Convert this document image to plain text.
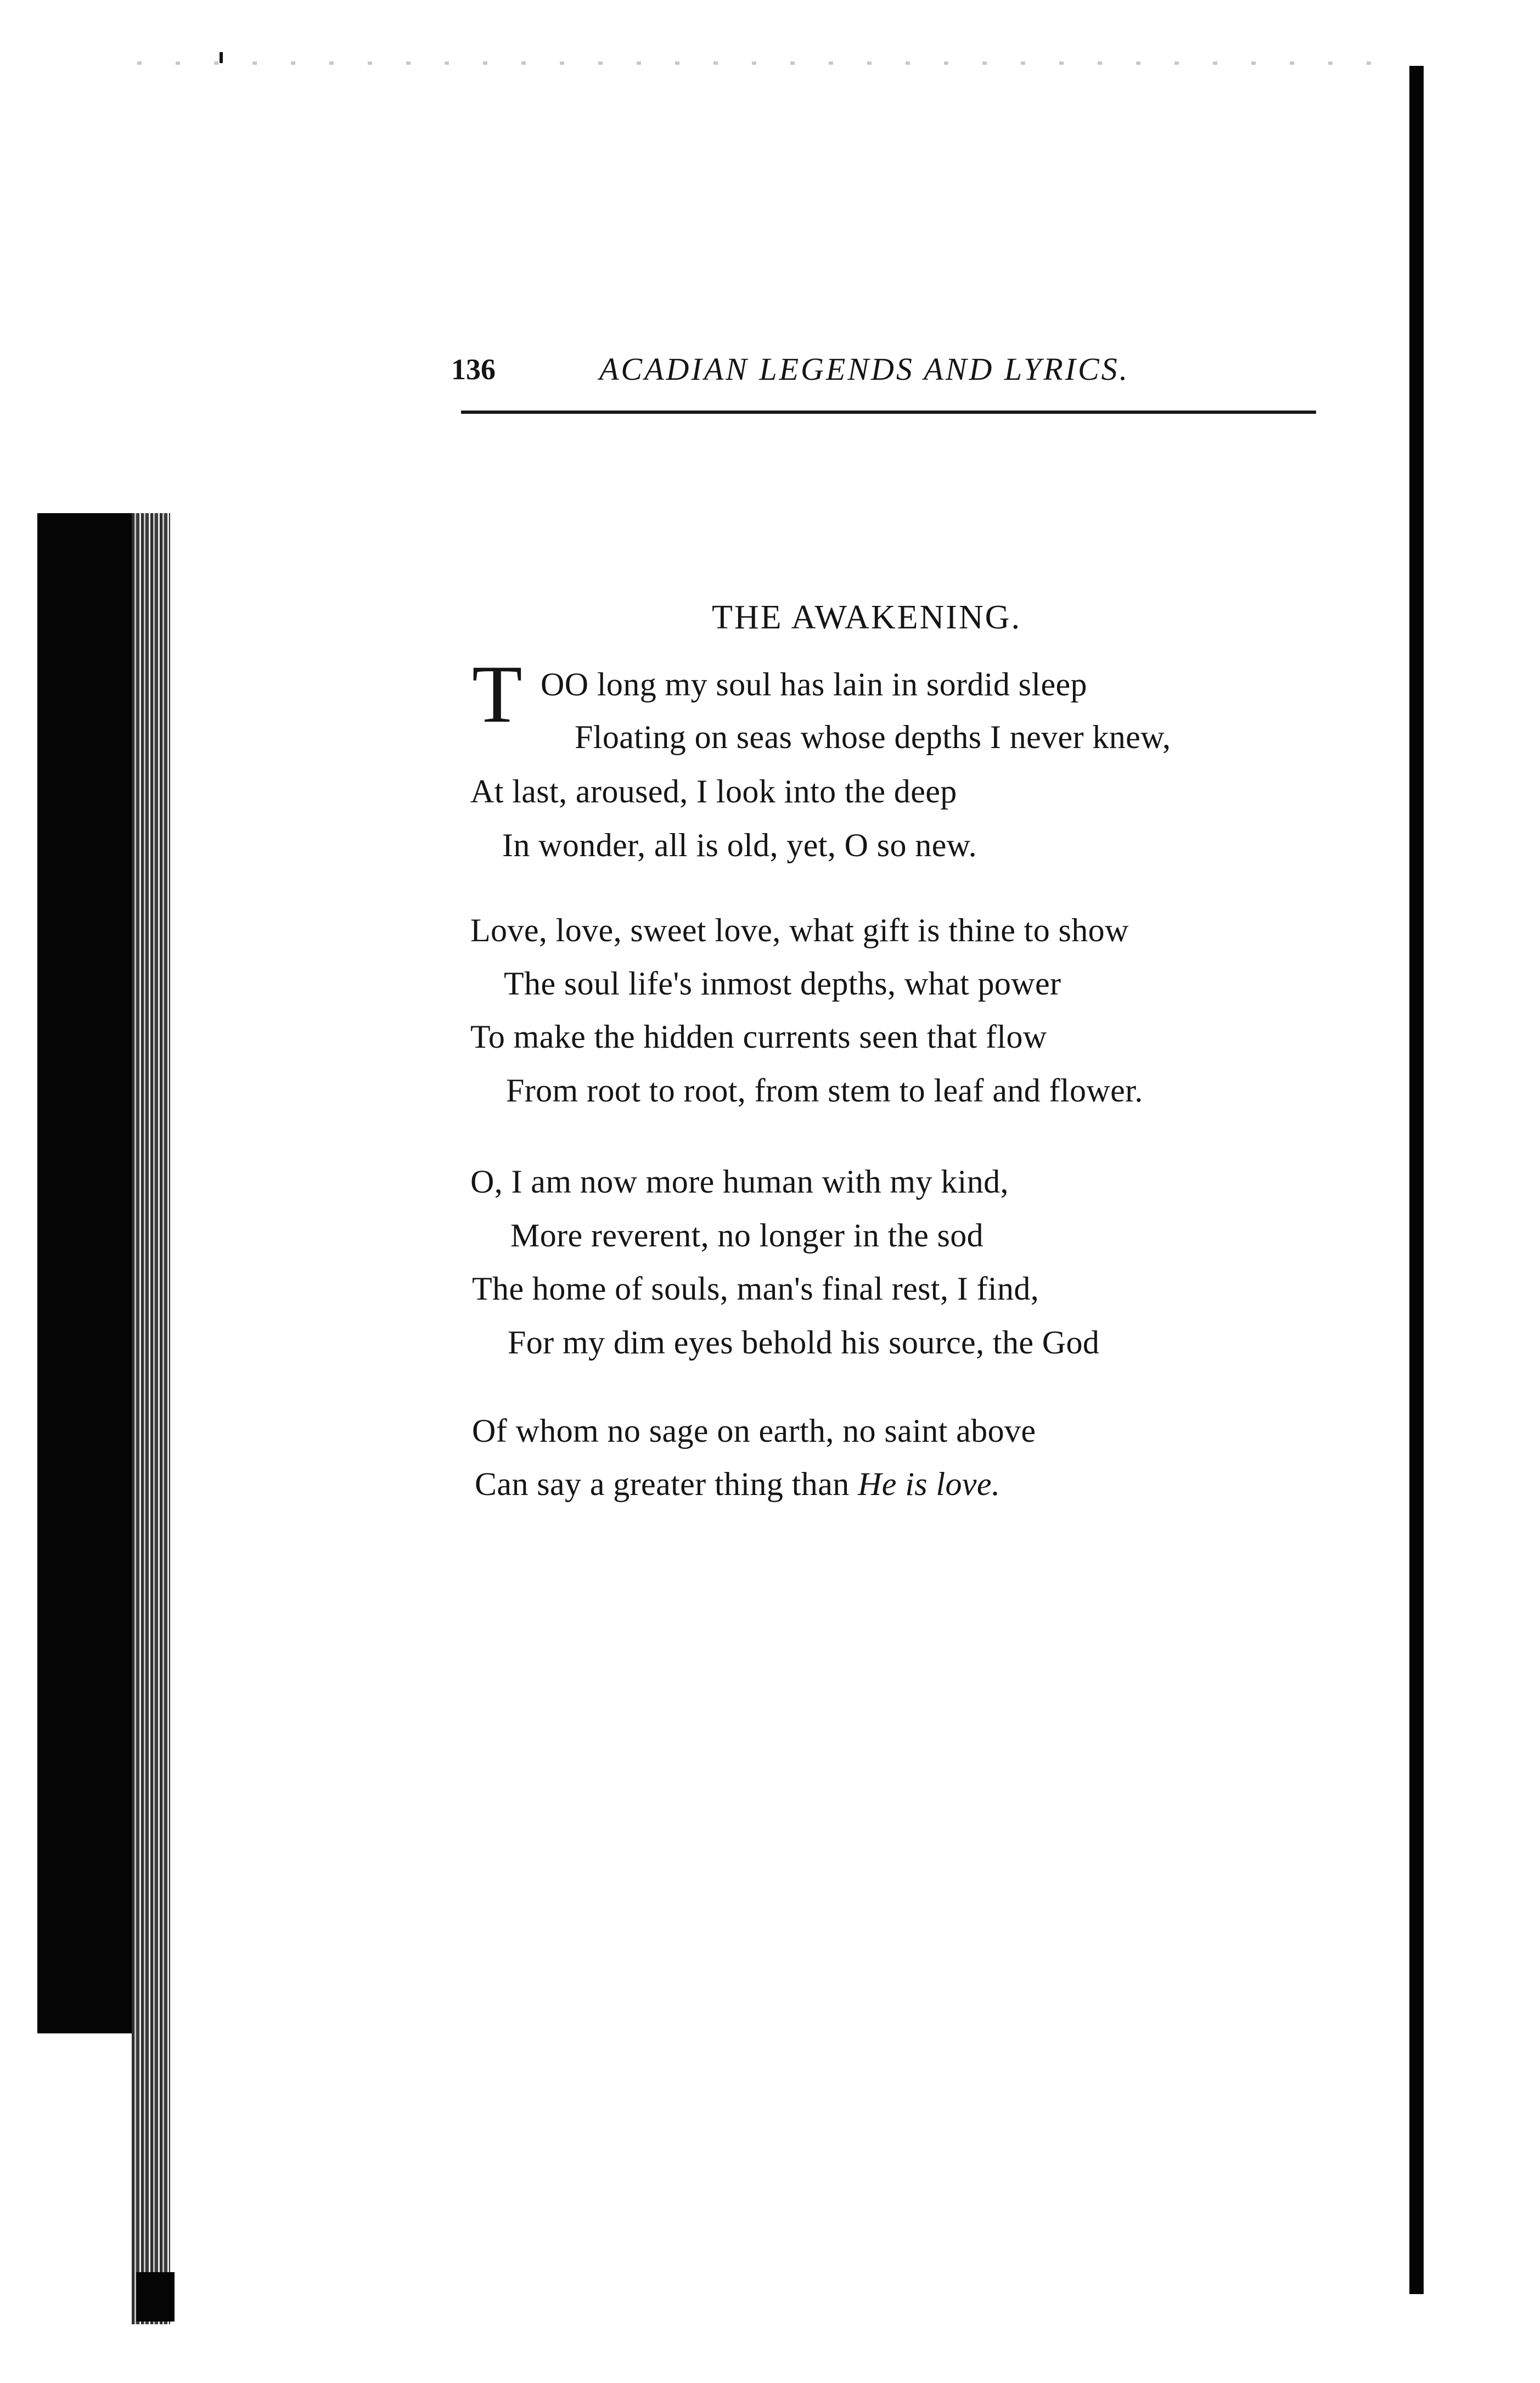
136	ACADIAN LEGENDS AND LYRICS.
THE AWAKENING.
T OO long my soul has lain in sordid sleep
Floating on seas whose depths I never knew,
At last, aroused, I look into the deep
In wonder, all is old, yet, O so new.
Love, love, sweet love, what gift is thine to show
The soul life's inmost depths, what power
To make the hidden currents seen that flow
From root to root, from stem to leaf and flower.
O, I am now more human with my kind,
More reverent, no longer in the sod
The home of souls, man's final rest, I find,
For my dim eyes behold his source, the God
Of whom no sage on earth, no saint above
Can say a greater thing than He is love.
